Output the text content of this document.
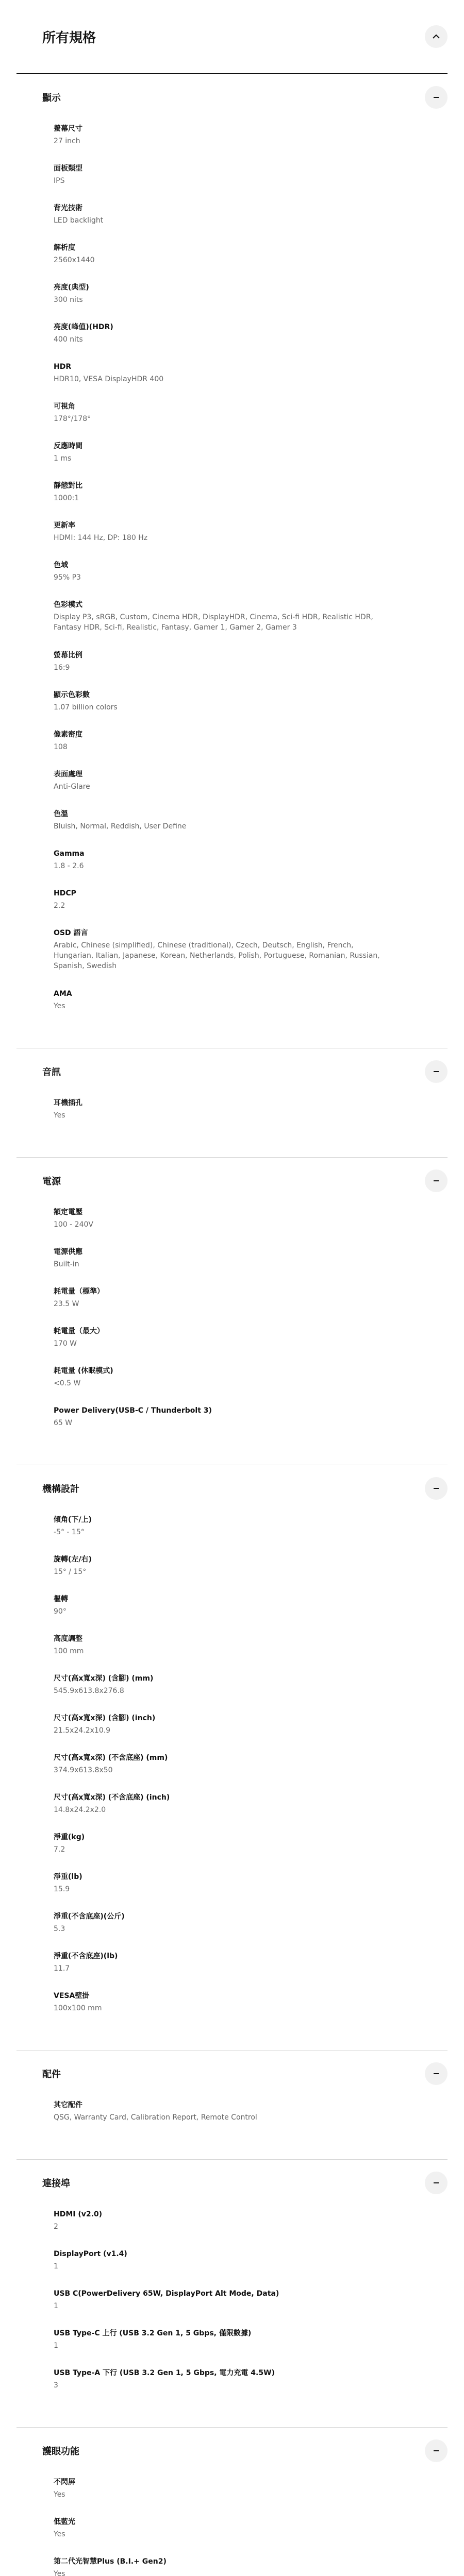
所有規格
顯示
螢幕尺寸
27 inch
面板類型
IPS
背光技術
LED backlight
解析度
2560x1440
亮度(典型)
300 nits
亮度(峰值)(HDR)
400 nits
HDR
HDR10, VESA DisplayHDR 400
可視角
178°/178°
反應時間
1 ms
靜態對比
1000:1
更新率
HDMI: 144 Hz, DP: 180 Hz
色域
95% P3
色彩模式
Display P3, sRGB, Custom, Cinema HDR, DisplayHDR, Cinema, Sci-fi HDR, Realistic HDR, Fantasy HDR, Sci-fi, Realistic, Fantasy, Gamer 1, Gamer 2, Gamer 3
螢幕比例
16:9
顯示色彩數
1.07 billion colors
像素密度
108
表面處理
Anti-Glare
色溫
Bluish, Normal, Reddish, User Define
Gamma
1.8 - 2.6
HDCP
2.2
OSD 語言
Arabic, Chinese (simplified), Chinese (traditional), Czech, Deutsch, English, French, Hungarian, Italian, Japanese, Korean, Netherlands, Polish, Portuguese, Romanian, Russian, Spanish, Swedish
AMA
Yes
音訊
耳機插孔
Yes
電源
額定電壓
100 - 240V
電源供應
Built-in
耗電量（標準）
23.5 W
耗電量（最大）
170 W
耗電量 (休眠模式)
<0.5 W
Power Delivery(USB-C / Thunderbolt 3)
65 W
機構設計
傾角(下/上)
-5° - 15°
旋轉(左/右)
15° / 15°
樞轉
90°
高度調整
100 mm
尺寸(高x寬x深) (含腳) (mm)
545.9x613.8x276.8
尺寸(高x寬x深) (含腳) (inch)
21.5x24.2x10.9
尺寸(高x寬x深) (不含底座) (mm)
374.9x613.8x50
尺寸(高x寬x深) (不含底座) (inch)
14.8x24.2x2.0
淨重(kg)
7.2
淨重(lb)
15.9
淨重(不含底座)(公斤)
5.3
淨重(不含底座)(lb)
11.7
VESA壁掛
100x100 mm
配件
其它配件
QSG, Warranty Card, Calibration Report, Remote Control
連接埠
HDMI (v2.0)
2
DisplayPort (v1.4)
1
USB C(PowerDelivery 65W, DisplayPort Alt Mode, Data)
1
USB Type-C 上行 (USB 3.2 Gen 1, 5 Gbps, 僅限數據)
1
USB Type-A 下行 (USB 3.2 Gen 1, 5 Gbps, 電力充電 4.5W)
3
護眼功能
不閃屏
Yes
低藍光
Yes
第二代光智慧Plus (B.I.+ Gen2)
Yes
